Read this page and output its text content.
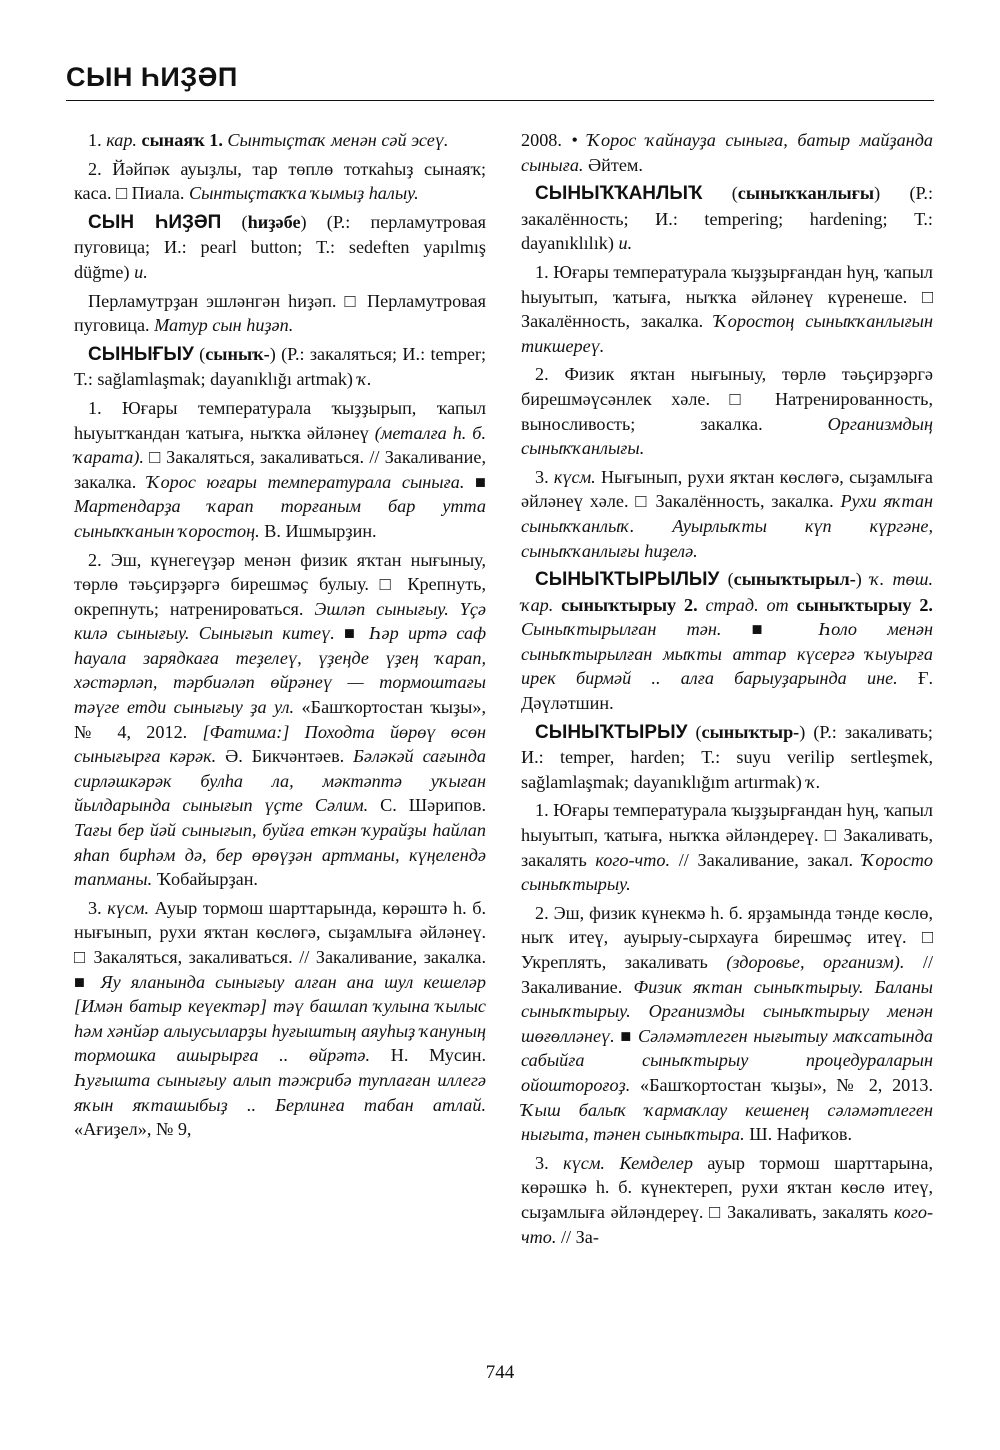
СЫН ҺИҘӘП

1. кар. сынаяҡ 1. Сынтыҫтаҡ менән сәй эсеү.

2. Йәйпәк ауыҙлы, тар төплө тоткаһыҙ сынаяҡ; каса. □ Пиала. Сынтыҫтаҡҡа ҡымыҙ һалыу.

СЫН ҺИҘӘП (һиҙәбе) (Р.: перламутровая пуговица; И.: pearl button; Т.: sedeften yapılmış düğme) и.

Перламутрҙан эшләнгән һиҙәп. □ Перламутровая пуговица. Матур сын һиҙәп.

СЫНЫҒЫУ (сыныҡ-) (Р.: закаляться; И.: temper; Т.: sağlamlaşmak; dayanıklığı artmak) ҡ.

1. Юғары температурала ҡыҙҙырып, ҡапыл һыуытҡандан ҡатыға, ныҡҡа әйләнеү (металға һ. б. ҡарата). □ Закаляться, закаливаться. // Закаливание, закалка. Ҡорос юғары температурала сыныға. ■ Мартендарҙа ҡарап торғаным бар утта сыныҡҡанын ҡоростоң. В. Ишмырҙин.

2. Эш, күнегеүҙәр менән физик яҡтан нығыныу, төрлө тәьҫирҙәргә бирешмәҫ булыу. □ Крепнуть, окрепнуть; натренироваться. Эшләп сынығыу. Үҫә килә сынығыу. Сынығып китеү. ■ Һәр иртә саф һауала зарядкаға теҙелеү, үҙеңде үҙең ҡарап, хәстәрләп, тәрбиәләп өйрәнеү — тормоштағы тәүге етди сынығыу ҙа ул. «Башҡортостан ҡыҙы», № 4, 2012. [Фатима:] Походта йөрөү өсөн сынығырға кәрәк. Ә. Бикчәнтәев. Бәләкәй сағында сирләшкәрәк булһа ла, мәктәптә уҡыған йылдарында сынығып үҫте Сәлим. С. Шәрипов. Тағы бер йәй сынығып, буйға еткән ҡурайҙы һайлап яһап бирһәм дә, бер өрөүҙән артманы, күңелендә тапманы. Ҡобайырҙан.

3. күсм. Ауыр тормош шарттарында, көрәштә һ. б. нығынып, рухи яҡтан көслөгә, сыҙамлыға әйләнеү. □ Закаляться, закаливаться. // Закаливание, закалка. ■ Яу яланында сынығыу алған ана шул кешеләр [Имән батыр кеүектәр] тәү башлап ҡулына ҡылыс һәм хәнйәр алыусыларҙы һуғыштың аяуһыҙ ҡануның тормошка ашырырға .. өйрәтә. Н. Мусин. Һуғышта сынығыу алып тәжрибә туплаған иллегә яҡын яҡташыбыҙ .. Берлинға табан атлай. «Ағиҙел», № 9,

2008. • Ҡорос ҡайнауҙа сыныға, батыр майҙанда сыныға. Әйтем.

СЫНЫҠҠАНЛЫҠ (сыныҡҡанлығы) (Р.: закалённость; И.: tempering; hardening; Т.: dayanıklılık) и.

1. Юғары температурала ҡыҙҙырғандан һуң, ҡапыл һыуытып, ҡатыға, ныҡҡа әйләнеү күренеше. □ Закалённость, закалка. Ҡоростоң сыныҡҡанлығын тикшереү.

2. Физик яҡтан нығыныу, төрлө тәьҫирҙәргә бирешмәүсәнлек хәле. □ Натренированность, выносливость; закалка. Организмдың сыныҡҡанлығы.

3. күсм. Нығынып, рухи яҡтан көслөгә, сыҙамлыға әйләнеү хәле. □ Закалённость, закалка. Рухи яҡтан сыныҡҡанлыҡ. Ауырлыҡты күп күргәне, сыныҡҡанлығы һиҙелә.

СЫНЫҠТЫРЫЛЫУ (сыныҡтырыл-) ҡ. төш. ҡар. сыныҡтырыу 2. страд. от сыныҡтырыу 2. Сыныҡтырылған тән. ■ Һоло менән сыныҡтырылған мыҡты аттар күсергә ҡыуырға ирек бирмәй .. алға барыуҙарында ине. Ғ. Дәүләтшин.

СЫНЫҠТЫРЫУ (сыныҡтыр-) (Р.: закаливать; И.: temper, harden; Т.: suyu verilip sertleşmek, sağlamlaşmak; dayanıklığım artırmak) ҡ.

1. Юғары температурала ҡыҙҙырғандан һуң, ҡапыл һыуытып, ҡатыға, ныҡҡа әйләндереү. □ Закаливать, закалять кого-что. // Закаливание, закал. Ҡоросто сыныҡтырыу.

2. Эш, физик күнекмә һ. б. ярҙамында тәнде көслө, ныҡ итеү, ауырыу-сырхауға бирешмәҫ итеү. □ Укреплять, закаливать (здоровье, организм). // Закаливание. Физик яҡтан сыныҡтырыу. Баланы сыныҡтырыу. Организмды сыныҡтырыу менән шөғөлләнеү. ■ Сәләмәтлеген нығытыу маҡсатында сабыйға сыныҡтырыу процедураларын ойоштороғоҙ. «Башҡортостан ҡыҙы», № 2, 2013. Ҡыш балыҡ ҡармаҡлау кешенең сәләмәтлеген нығыта, тәнен сыныҡтыра. Ш. Нафиҡов.

3. күсм. Кемделер ауыр тормош шарттарына, көрәшкә һ. б. күнектереп, рухи яҡтан көслө итеү, сыҙамлыға әйләндереү. □ Закаливать, закалять кого-что. // За-

744
